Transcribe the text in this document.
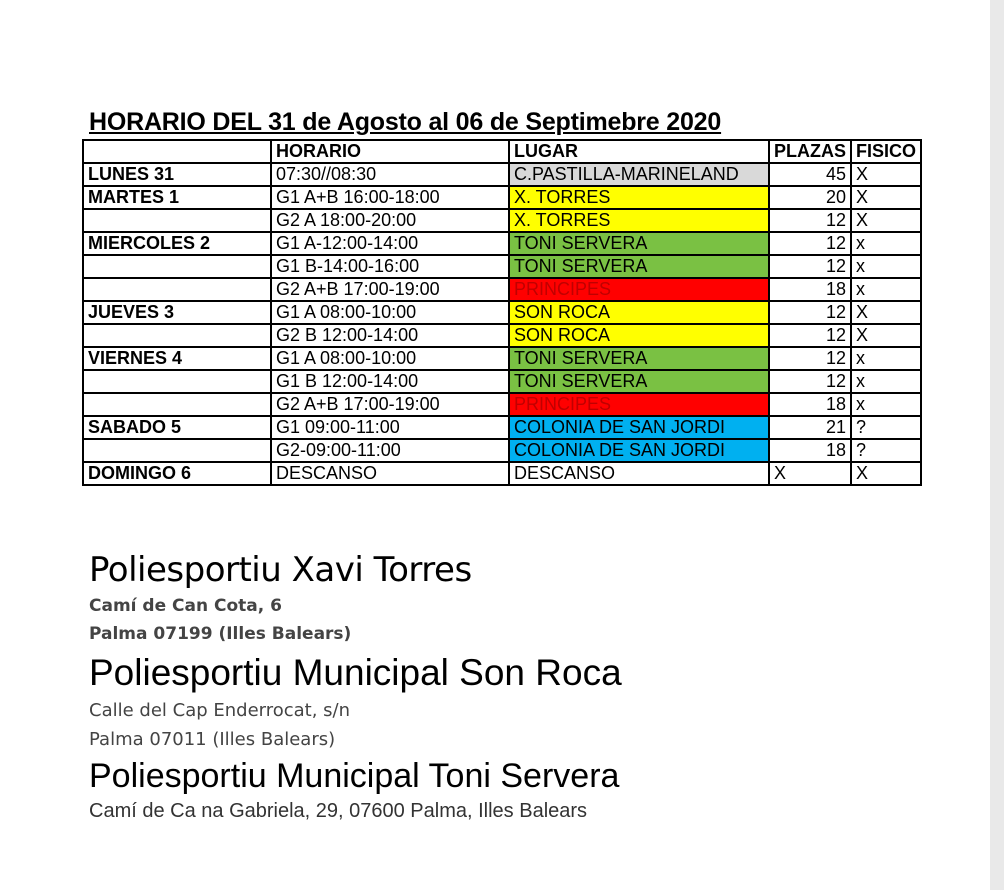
HORARIO DEL 31 de Agosto al 06 de Septimebre 2020
	HORARIO	LUGAR	PLAZAS	FISICO
LUNES 31	07:30//08:30	C.PASTILLA-MARINELAND	45	X
MARTES 1	G1 A+B 16:00-18:00	X. TORRES	20	X
	G2 A 18:00-20:00	X. TORRES	12	X
MIERCOLES 2	G1 A-12:00-14:00	TONI SERVERA	12	x
	G1 B-14:00-16:00	TONI SERVERA	12	x
	G2 A+B 17:00-19:00	PRINCIPES	18	x
JUEVES 3	G1 A 08:00-10:00	SON ROCA	12	X
	G2 B 12:00-14:00	SON ROCA	12	X
VIERNES 4	G1 A 08:00-10:00	TONI SERVERA	12	x
	G1 B 12:00-14:00	TONI SERVERA	12	x
	G2 A+B 17:00-19:00	PRINCIPES	18	x
SABADO 5	G1 09:00-11:00	COLONIA DE SAN JORDI	21	?
	G2-09:00-11:00	COLONIA DE SAN JORDI	18	?
DOMINGO 6	DESCANSO	DESCANSO	X	X
Poliesportiu Xavi Torres
Camí de Can Cota, 6
Palma 07199 (Illes Balears)
Poliesportiu Municipal Son Roca
Calle del Cap Enderrocat, s/n
Palma 07011 (Illes Balears)
Poliesportiu Municipal Toni Servera
Camí de Ca na Gabriela, 29, 07600 Palma, Illes Balears
